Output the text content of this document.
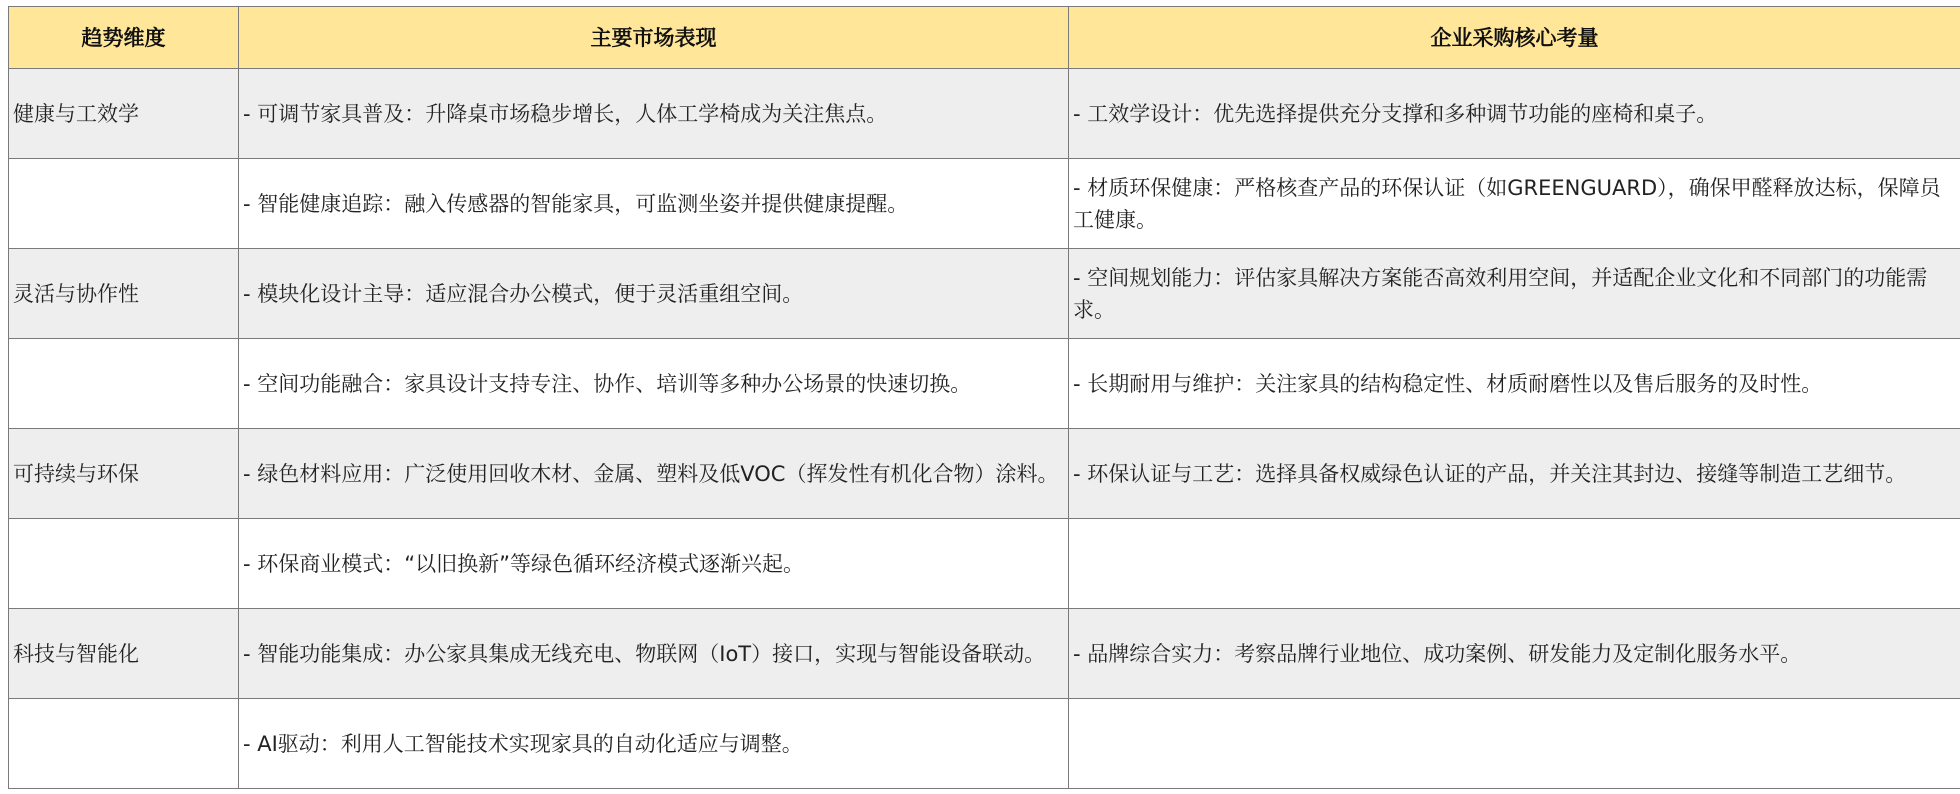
趋势维度	主要市场表现	企业采购核心考量
健康与工效学	- 可调节家具普及：升降桌市场稳步增长，人体工学椅成为关注焦点。	- 工效学设计：优先选择提供充分支撑和多种调节功能的座椅和桌子。
	- 智能健康追踪：融入传感器的智能家具，可监测坐姿并提供健康提醒。	- 材质环保健康：严格核查产品的环保认证（如GREENGUARD），确保甲醛释放达标，保障员工健康。
灵活与协作性	- 模块化设计主导：适应混合办公模式，便于灵活重组空间。	- 空间规划能力：评估家具解决方案能否高效利用空间，并适配企业文化和不同部门的功能需求。
	- 空间功能融合：家具设计支持专注、协作、培训等多种办公场景的快速切换。	- 长期耐用与维护：关注家具的结构稳定性、材质耐磨性以及售后服务的及时性。
可持续与环保	- 绿色材料应用：广泛使用回收木材、金属、塑料及低VOC（挥发性有机化合物）涂料。	- 环保认证与工艺：选择具备权威绿色认证的产品，并关注其封边、接缝等制造工艺细节。
	- 环保商业模式：“以旧换新”等绿色循环经济模式逐渐兴起。	
科技与智能化	- 智能功能集成：办公家具集成无线充电、物联网（IoT）接口，实现与智能设备联动。	- 品牌综合实力：考察品牌行业地位、成功案例、研发能力及定制化服务水平。
	- AI驱动：利用人工智能技术实现家具的自动化适应与调整。	
